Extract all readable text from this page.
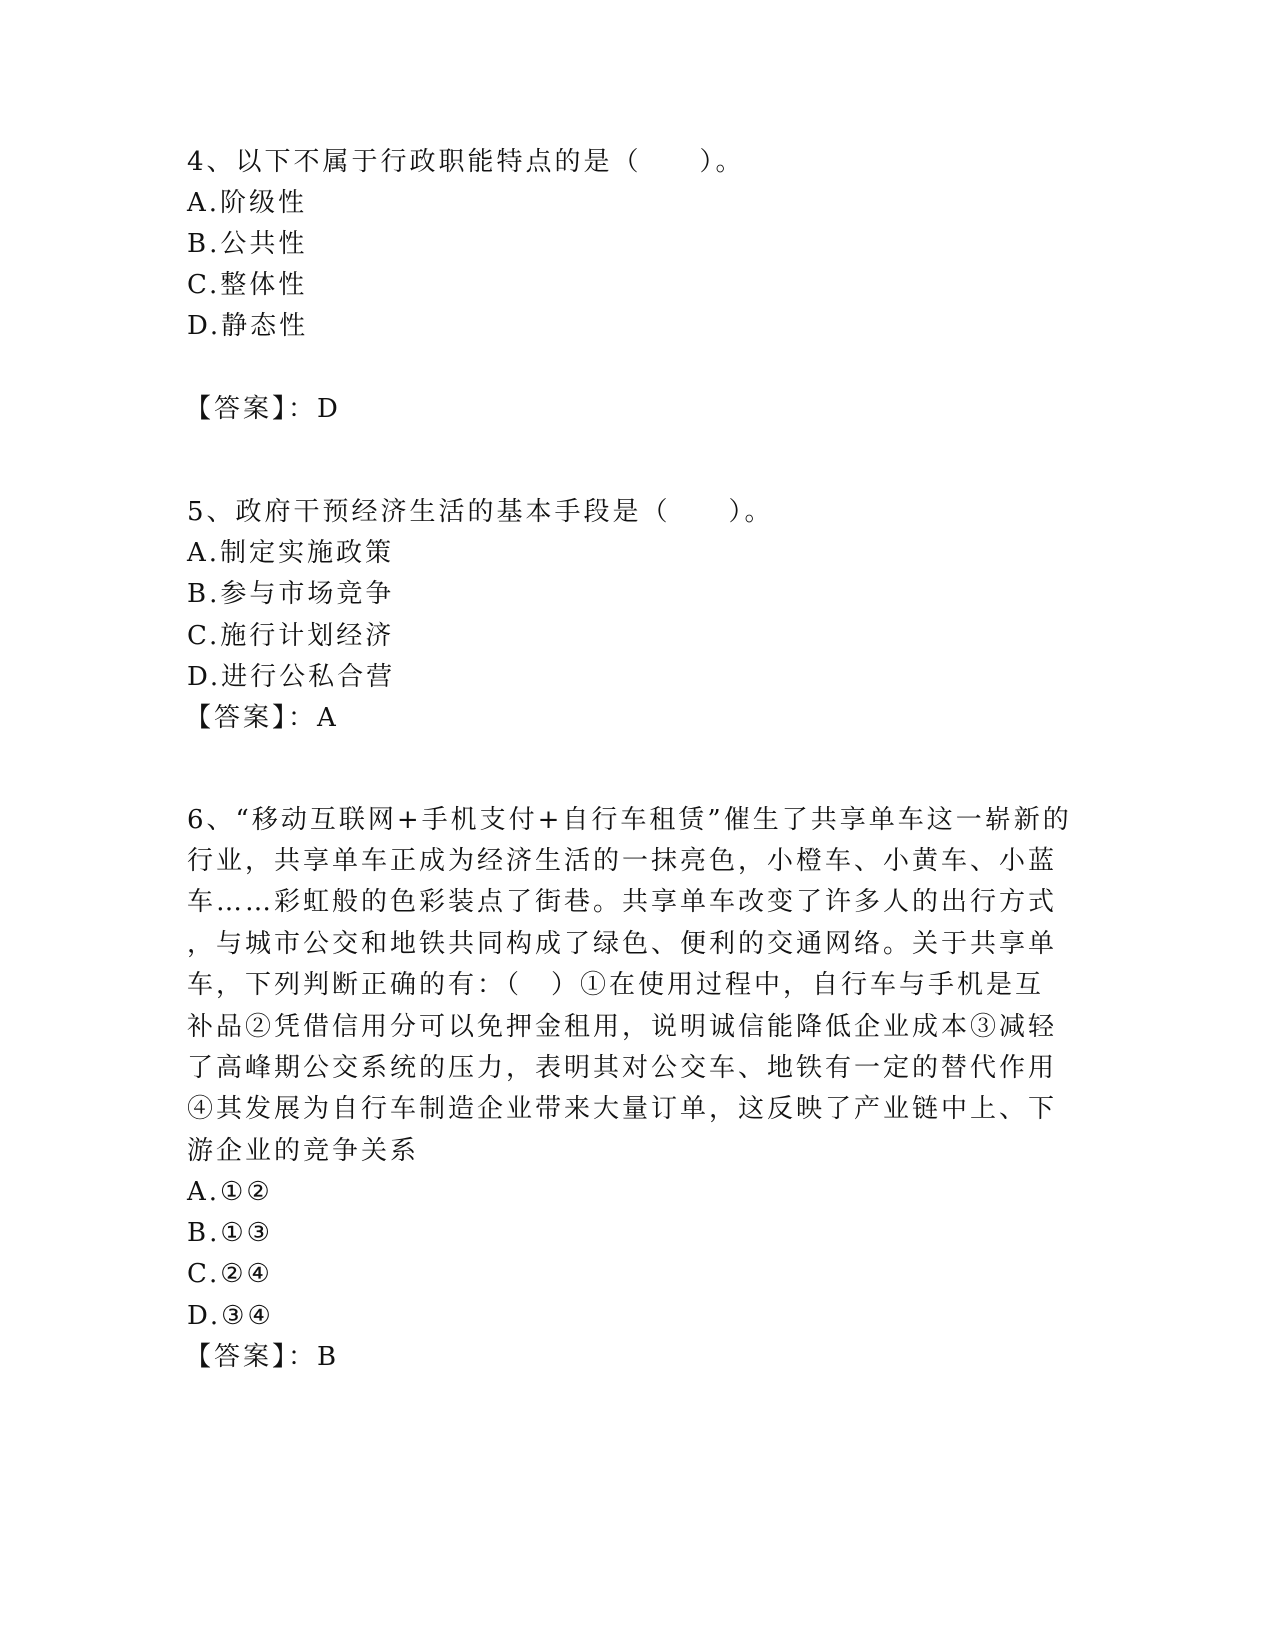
4、以下不属于行政职能特点的是（　　）。
A.阶级性
B.公共性
C.整体性
D.静态性
【答案】：D
5、政府干预经济生活的基本手段是（　　）。
A.制定实施政策
B.参与市场竞争
C.施行计划经济
D.进行公私合营
【答案】：A
6、“移动互联网+手机支付+自行车租赁”催生了共享单车这一崭新的
行业，共享单车正成为经济生活的一抹亮色，小橙车、小黄车、小蓝
车……彩虹般的色彩装点了街巷。共享单车改变了许多人的出行方式
，与城市公交和地铁共同构成了绿色、便利的交通网络。关于共享单
车，下列判断正确的有：（　）①在使用过程中，自行车与手机是互
补品②凭借信用分可以免押金租用，说明诚信能降低企业成本③减轻
了高峰期公交系统的压力，表明其对公交车、地铁有一定的替代作用
④其发展为自行车制造企业带来大量订单，这反映了产业链中上、下
游企业的竞争关系
A.①②
B.①③
C.②④
D.③④
【答案】：B
